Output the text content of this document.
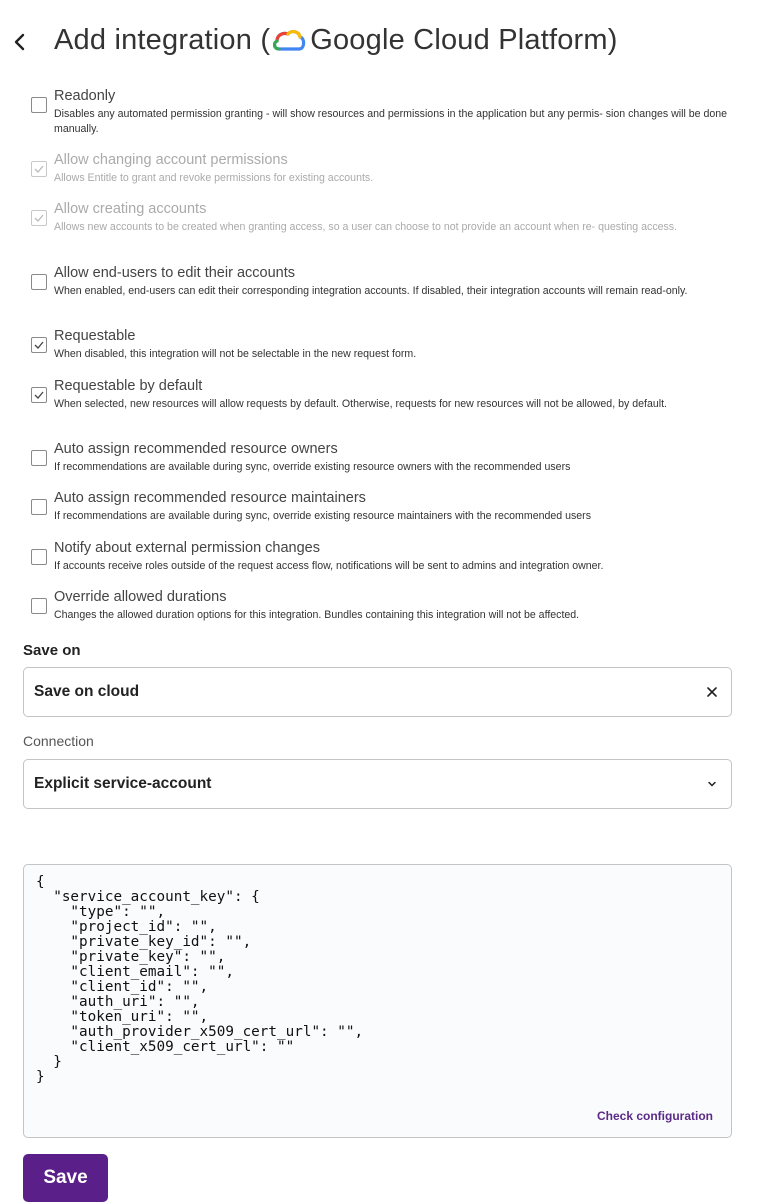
Add integration ( Google Cloud Platform )
Readonly
Disables any automated permission granting - will show resources and permissions in the application but any permis- sion changes will be done manually.
Allow changing account permissions
Allows Entitle to grant and revoke permissions for existing accounts.
Allow creating accounts
Allows new accounts to be created when granting access, so a user can choose to not provide an account when re- questing access.
Allow end-users to edit their accounts
When enabled, end-users can edit their corresponding integration accounts. If disabled, their integration accounts will remain read-only.
Requestable
When disabled, this integration will not be selectable in the new request form.
Requestable by default
When selected, new resources will allow requests by default. Otherwise, requests for new resources will not be allowed, by default.
Auto assign recommended resource owners
If recommendations are available during sync, override existing resource owners with the recommended users
Auto assign recommended resource maintainers
If recommendations are available during sync, override existing resource maintainers with the recommended users
Notify about external permission changes
If accounts receive roles outside of the request access flow, notifications will be sent to admins and integration owner.
Override allowed durations
Changes the allowed duration options for this integration. Bundles containing this integration will not be affected.
Save on
Save on cloud
Connection
Explicit service-account
{
"service_account_key": {
"type": "",
"project_id": "",
"private_key_id": "",
"private_key": "",
"client_email": "",
"client_id": "",
"auth_uri": "",
"token_uri": "",
"auth_provider_x509_cert_url": "",
"client_x509_cert_url": ""
}
}
Check configuration
Save
